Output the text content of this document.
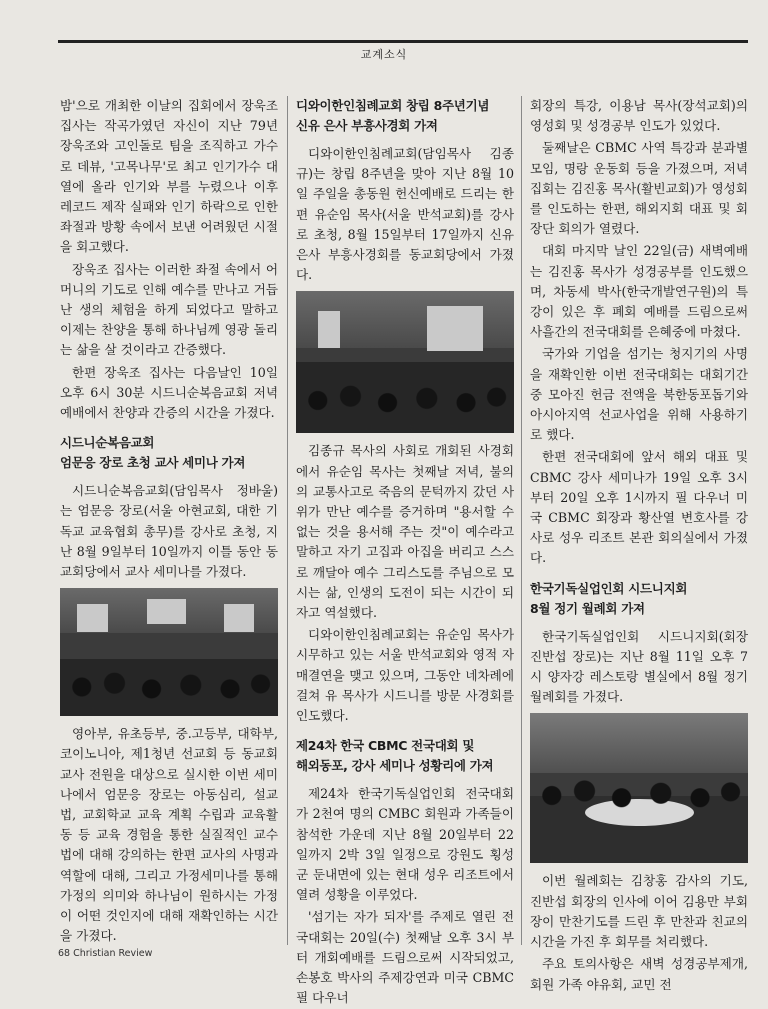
교계소식

밤'으로 개최한 이날의 집회에서 장욱조 집사는 작곡가였던 자신이 지난 79년 장욱조와 고인돌로 팀을 조직하고 가수로 데뷰, '고목나무'로 최고 인기가수 대열에 올라 인기와 부를 누렸으나 이후 레코드 제작 실패와 인기 하락으로 인한 좌절과 방황 속에서 보낸 어려웠던 시절을 회고했다.

장욱조 집사는 이러한 좌절 속에서 어머니의 기도로 인해 예수를 만나고 거듭난 생의 체험을 하게 되었다고 말하고 이제는 찬양을 통해 하나님께 영광 돌리는 삶을 살 것이라고 간증했다.

한편 장욱조 집사는 다음날인 10일 오후 6시 30분 시드니순복음교회 저녁예배에서 찬양과 간증의 시간을 가졌다.

시드니순복음교회
엄문응 장로 초청 교사 세미나 가져

시드니순복음교회(담임목사 정바울)는 엄문응 장로(서울 아현교회, 대한 기독교 교육협회 총무)를 강사로 초청, 지난 8월 9일부터 10일까지 이틀 동안 동교회당에서 교사 세미나를 가졌다.

영아부, 유초등부, 중.고등부, 대학부, 코이노니아, 제1청년 선교회 등 동교회 교사 전원을 대상으로 실시한 이번 세미나에서 엄문응 장로는 아동심리, 설교법, 교회학교 교육 계획 수립과 교육활동 등 교육 경험을 통한 실질적인 교수법에 대해 강의하는 한편 교사의 사명과 역할에 대해, 그리고 가정세미나를 통해 가정의 의미와 하나님이 원하시는 가정이 어떤 것인지에 대해 재확인하는 시간을 가졌다.

디와이한인침례교회 창립 8주년기념
신유 은사 부흥사경회 가져

디와이한인침례교회(담임목사 김종규)는 창립 8주년을 맞아 지난 8월 10일 주일을 총동원 헌신예배로 드리는 한편 유순임 목사(서울 반석교회)를 강사로 초청, 8월 15일부터 17일까지 신유 은사 부흥사경회를 동교회당에서 가졌다.

김종규 목사의 사회로 개회된 사경회에서 유순임 목사는 첫째날 저녁, 불의의 교통사고로 죽음의 문턱까지 갔던 사위가 만난 예수를 증거하며 "용서할 수 없는 것을 용서해 주는 것"이 예수라고 말하고 자기 고집과 아집을 버리고 스스로 깨달아 예수 그리스도를 주님으로 모시는 삶, 인생의 도전이 되는 시간이 되자고 역설했다.

디와이한인침례교회는 유순임 목사가 시무하고 있는 서울 반석교회와 영적 자매결연을 맺고 있으며, 그동안 네차례에 걸쳐 유 목사가 시드니를 방문 사경회를 인도했다.

제24차 한국 CBMC 전국대회 및
해외동포, 강사 세미나 성황리에 가져

제24차 한국기독실업인회 전국대회가 2천여 명의 CMBC 회원과 가족들이 참석한 가운데 지난 8월 20일부터 22일까지 2박 3일 일정으로 강원도 횡성군 둔내면에 있는 현대 성우 리조트에서 열려 성황을 이루었다.

'섬기는 자가 되자'를 주제로 열린 전국대회는 20일(수) 첫째날 오후 3시 부터 개회예배를 드림으로써 시작되었고, 손봉호 박사의 주제강연과 미국 CBMC 필 다우너

회장의 특강, 이용남 목사(장석교회)의 영성회 및 성경공부 인도가 있었다.

둘째날은 CBMC 사역 특강과 분과별 모임, 명랑 운동회 등을 가졌으며, 저녁집회는 김진홍 목사(활빈교회)가 영성회를 인도하는 한편, 해외지회 대표 및 회장단 회의가 열렸다.

대회 마지막 날인 22일(금) 새벽예배는 김진홍 목사가 성경공부를 인도했으며, 차동세 박사(한국개발연구원)의 특강이 있은 후 폐회 예배를 드림으로써 사흘간의 전국대회를 은혜중에 마쳤다.

국가와 기업을 섬기는 청지기의 사명을 재확인한 이번 전국대회는 대회기간 중 모아진 헌금 전액을 북한동포돕기와 아시아지역 선교사업을 위해 사용하기로 했다.

한편 전국대회에 앞서 해외 대표 및 CBMC 강사 세미나가 19일 오후 3시부터 20일 오후 1시까지 필 다우너 미국 CBMC 회장과 황산열 변호사를 강사로 성우 리조트 본관 회의실에서 가졌다.

한국기독실업인회 시드니지회
8월 정기 월례회 가져

한국기독실업인회 시드니지회(회장 진반섭 장로)는 지난 8월 11일 오후 7시 양자강 레스토랑 별실에서 8월 정기 월례회를 가졌다.

이번 월례회는 김창홍 감사의 기도, 진반섭 회장의 인사에 이어 김용만 부회장이 만찬기도를 드린 후 만찬과 친교의 시간을 가진 후 회무를 처리했다.

주요 토의사항은 새벽 성경공부제개, 회원 가족 야유회, 교민 전

68 Christian Review
